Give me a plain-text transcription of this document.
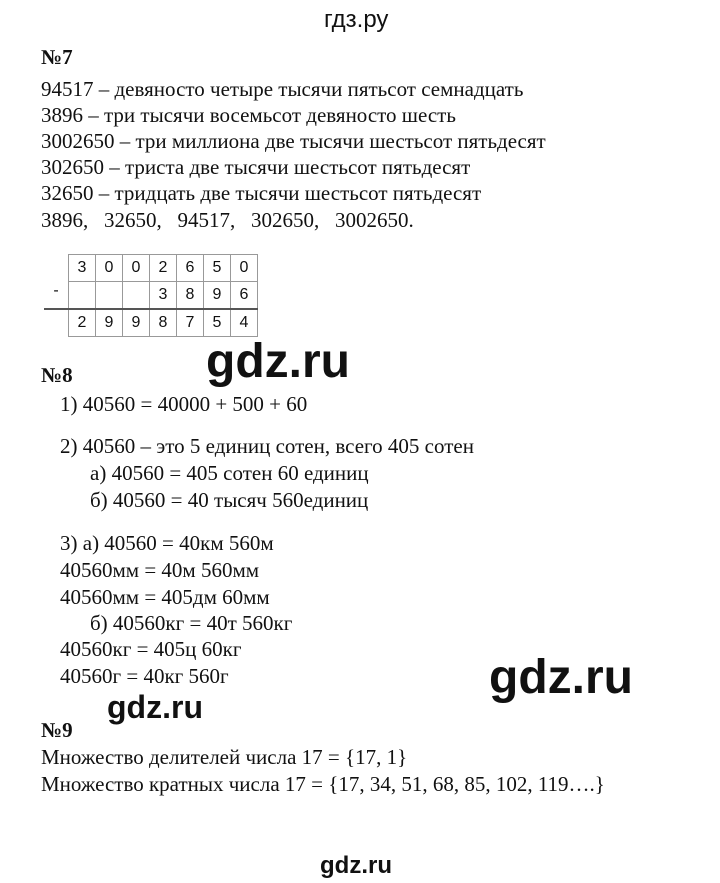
гдз.ру
№7
94517 – девяносто четыре тысячи пятьсот семнадцать
3896 – три тысячи восемьсот девяносто шесть
3002650 – три миллиона две тысячи шестьсот пятьдесят
302650 – триста две тысячи шестьсот пятьдесят
32650 – тридцать две тысячи шестьсот пятьдесят
3896,   32650,   94517,   302650,   3002650.
	3	0	0	2	6	5	0
-				3	8	9	6
	2	9	9	8	7	5	4
gdz.ru
№8
1) 40560 = 40000 + 500 + 60
2) 40560 – это 5 единиц сотен, всего 405 сотен
а) 40560 = 405 сотен 60 единиц
б) 40560 = 40 тысяч 560единиц
3) а) 40560 = 40км 560м
40560мм = 40м 560мм
40560мм = 405дм 60мм
б) 40560кг = 40т 560кг
40560кг = 405ц 60кг
40560г = 40кг 560г	gdz.ru
gdz.ru
№9
Множество делителей числа 17 = {17, 1}
Множество кратных числа 17 = {17, 34, 51, 68, 85, 102, 119….}
gdz.ru
